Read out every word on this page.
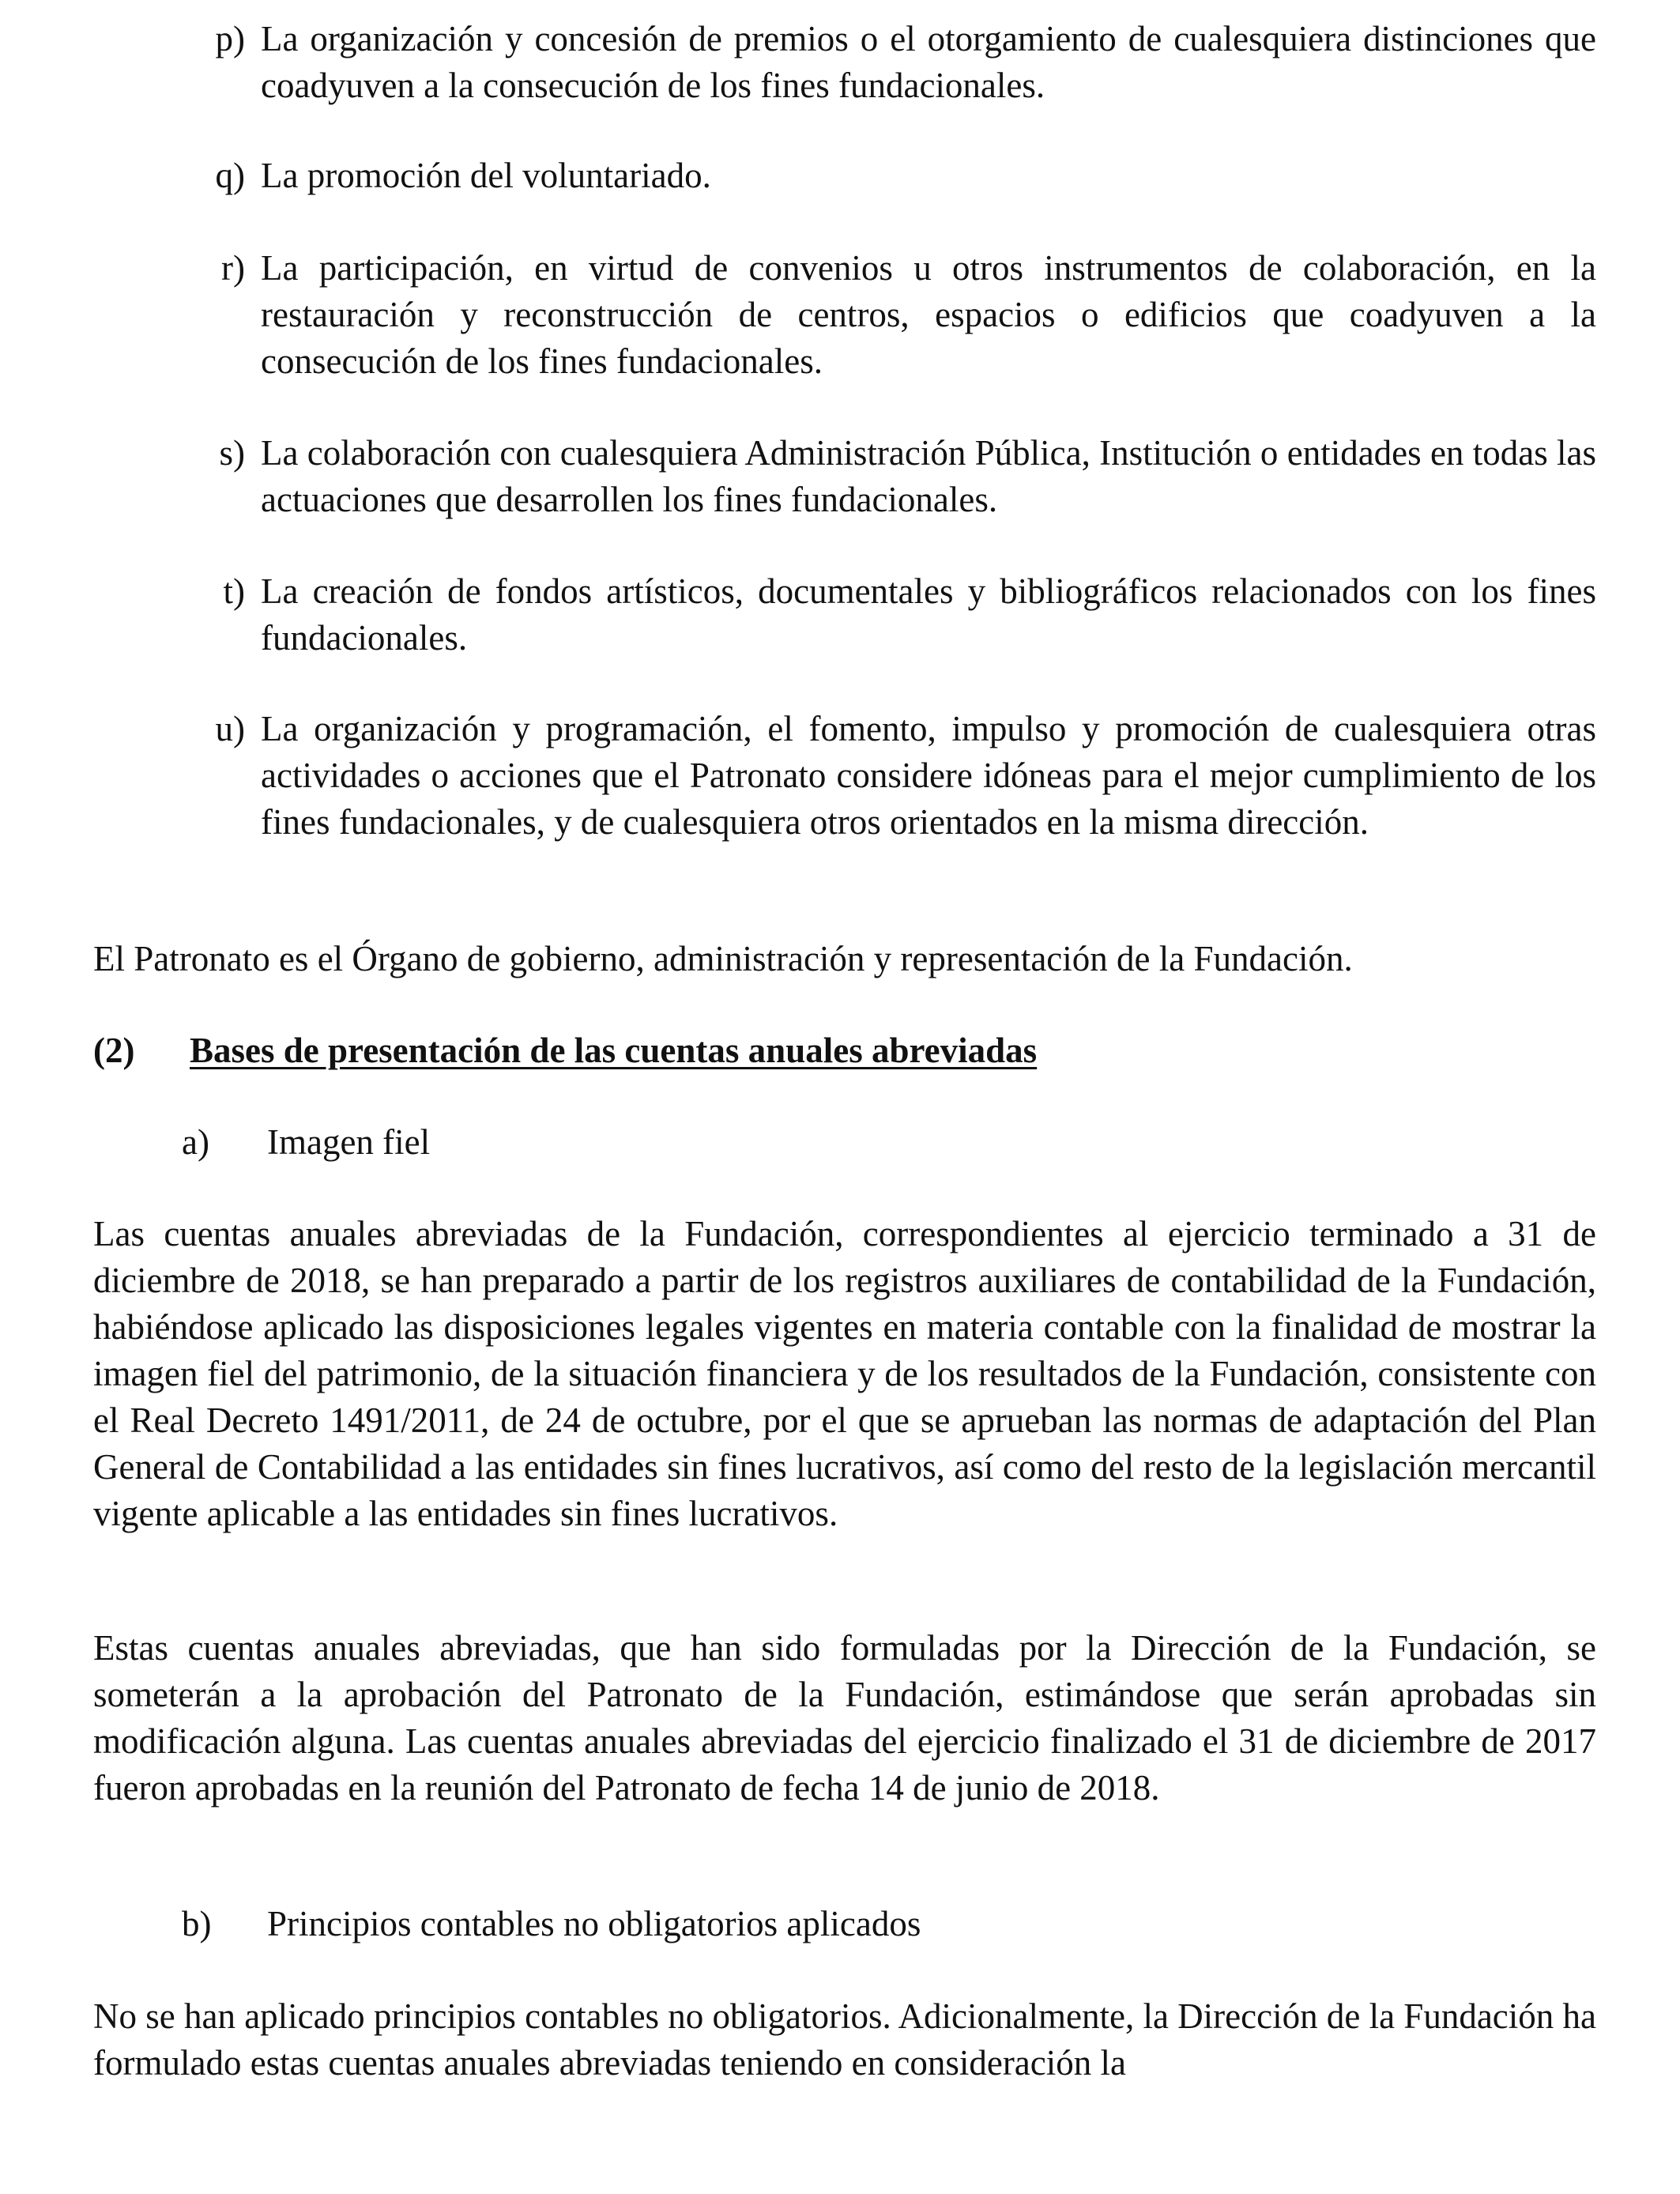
p) La organización y concesión de premios o el otorgamiento de cualesquiera distinciones que coadyuven a la consecución de los fines fundacionales.
q) La promoción del voluntariado.
r) La participación, en virtud de convenios u otros instrumentos de colaboración, en la restauración y reconstrucción de centros, espacios o edificios que coadyuven a la consecución de los fines fundacionales.
s) La colaboración con cualesquiera Administración Pública, Institución o entidades en todas las actuaciones que desarrollen los fines fundacionales.
t) La creación de fondos artísticos, documentales y bibliográficos relacionados con los fines fundacionales.
u) La organización y programación, el fomento, impulso y promoción de cualesquiera otras actividades o acciones que el Patronato considere idóneas para el mejor cumplimiento de los fines fundacionales, y de cualesquiera otros orientados en la misma dirección.
El Patronato es el Órgano de gobierno, administración y representación de la Fundación.
(2) Bases de presentación de las cuentas anuales abreviadas
a) Imagen fiel
Las cuentas anuales abreviadas de la Fundación, correspondientes al ejercicio terminado a 31 de diciembre de 2018, se han preparado a partir de los registros auxiliares de contabilidad de la Fundación, habiéndose aplicado las disposiciones legales vigentes en materia contable con la finalidad de mostrar la imagen fiel del patrimonio, de la situación financiera y de los resultados de la Fundación, consistente con el Real Decreto 1491/2011, de 24 de octubre, por el que se aprueban las normas de adaptación del Plan General de Contabilidad a las entidades sin fines lucrativos, así como del resto de la legislación mercantil vigente aplicable a las entidades sin fines lucrativos.
Estas cuentas anuales abreviadas, que han sido formuladas por la Dirección de la Fundación, se someterán a la aprobación del Patronato de la Fundación, estimándose que serán aprobadas sin modificación alguna. Las cuentas anuales abreviadas del ejercicio finalizado el 31 de diciembre de 2017 fueron aprobadas en la reunión del Patronato de fecha 14 de junio de 2018.
b) Principios contables no obligatorios aplicados
No se han aplicado principios contables no obligatorios. Adicionalmente, la Dirección de la Fundación ha formulado estas cuentas anuales abreviadas teniendo en consideración la
